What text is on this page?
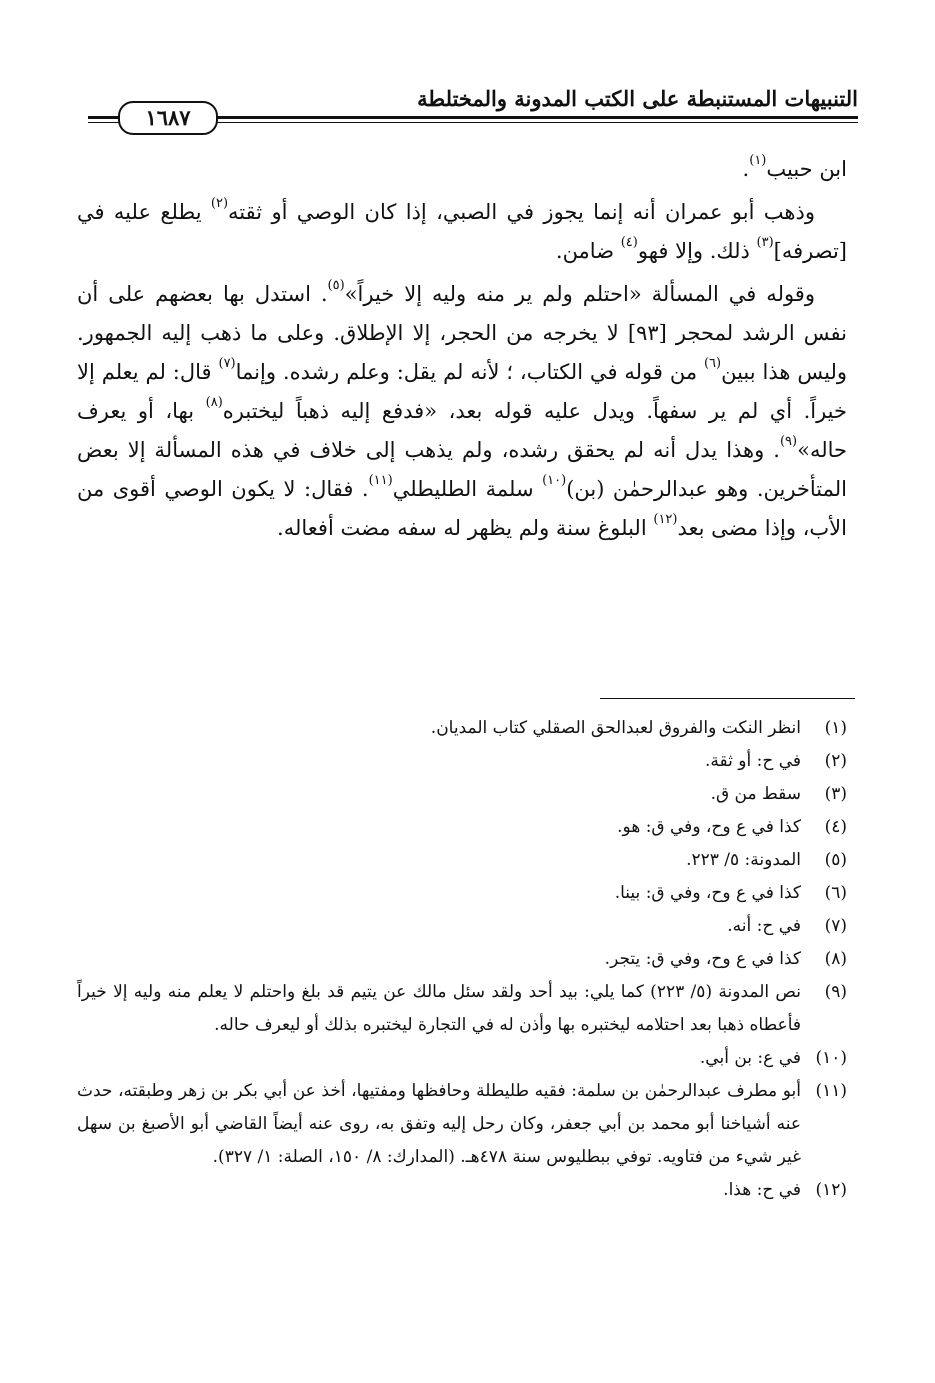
التنبيهات المستنبطة على الكتب المدونة والمختلطة
١٦٨٧

ابن حبيب$^{(١)}$.

وذهب أبو عمران أنه إنما يجوز في الصبي، إذا كان الوصي أو ثقته$^{(٢)}$ يطلع عليه في [تصرفه]$^{(٣)}$ ذلك. وإلا فهو$^{(٤)}$ ضامن.

وقوله في المسألة «احتلم ولم ير منه وليه إلا خيراً»$^{(٥)}$. استدل بها بعضهم على أن نفس الرشد لمحجر [٩٣] لا يخرجه من الحجر، إلا الإطلاق. وعلى ما ذهب إليه الجمهور. وليس هذا ببين$^{(٦)}$ من قوله في الكتاب، ؛ لأنه لم يقل: وعلم رشده. وإنما$^{(٧)}$ قال: لم يعلم إلا خيراً. أي لم ير سفهاً. ويدل عليه قوله بعد، «فدفع إليه ذهباً ليختبره$^{(٨)}$ بها، أو يعرف حاله»$^{(٩)}$. وهذا يدل أنه لم يحقق رشده، ولم يذهب إلى خلاف في هذه المسألة إلا بعض المتأخرين. وهو عبدالرحمٰن (بن)$^{(١٠)}$ سلمة الطليطلي$^{(١١)}$. فقال: لا يكون الوصي أقوى من الأب، وإذا مضى بعد$^{(١٢)}$ البلوغ سنة ولم يظهر له سفه مضت أفعاله.

(١)
انظر النكت والفروق لعبدالحق الصقلي كتاب المديان.
(٢)
في ح: أو ثقة.
(٣)
سقط من ق.
(٤)
كذا في ع وح، وفي ق: هو.
(٥)
المدونة: ٥/ ٢٢٣.
(٦)
كذا في ع وح، وفي ق: بينا.
(٧)
في ح: أنه.
(٨)
كذا في ع وح، وفي ق: يتجر.
(٩)
نص المدونة (٥/ ٢٢٣) كما يلي: بيد أحد ولقد سئل مالك عن يتيم قد بلغ واحتلم لا يعلم منه وليه إلا خيراً فأعطاه ذهبا بعد احتلامه ليختبره بها وأذن له في التجارة ليختبره بذلك أو ليعرف حاله.
(١٠)
في ع: بن أبي.
(١١)
أبو مطرف عبدالرحمٰن بن سلمة: فقيه طليطلة وحافظها ومفتيها، أخذ عن أبي بكر بن زهر وطبقته، حدث عنه أشياخنا أبو محمد بن أبي جعفر، وكان رحل إليه وتفق به، روى عنه أيضاً القاضي أبو الأصبغ بن سهل غير شيء من فتاويه. توفي ببطليوس سنة ٤٧٨هـ. (المدارك: ٨/ ١٥٠، الصلة: ١/ ٣٢٧).
(١٢)
في ح: هذا.
